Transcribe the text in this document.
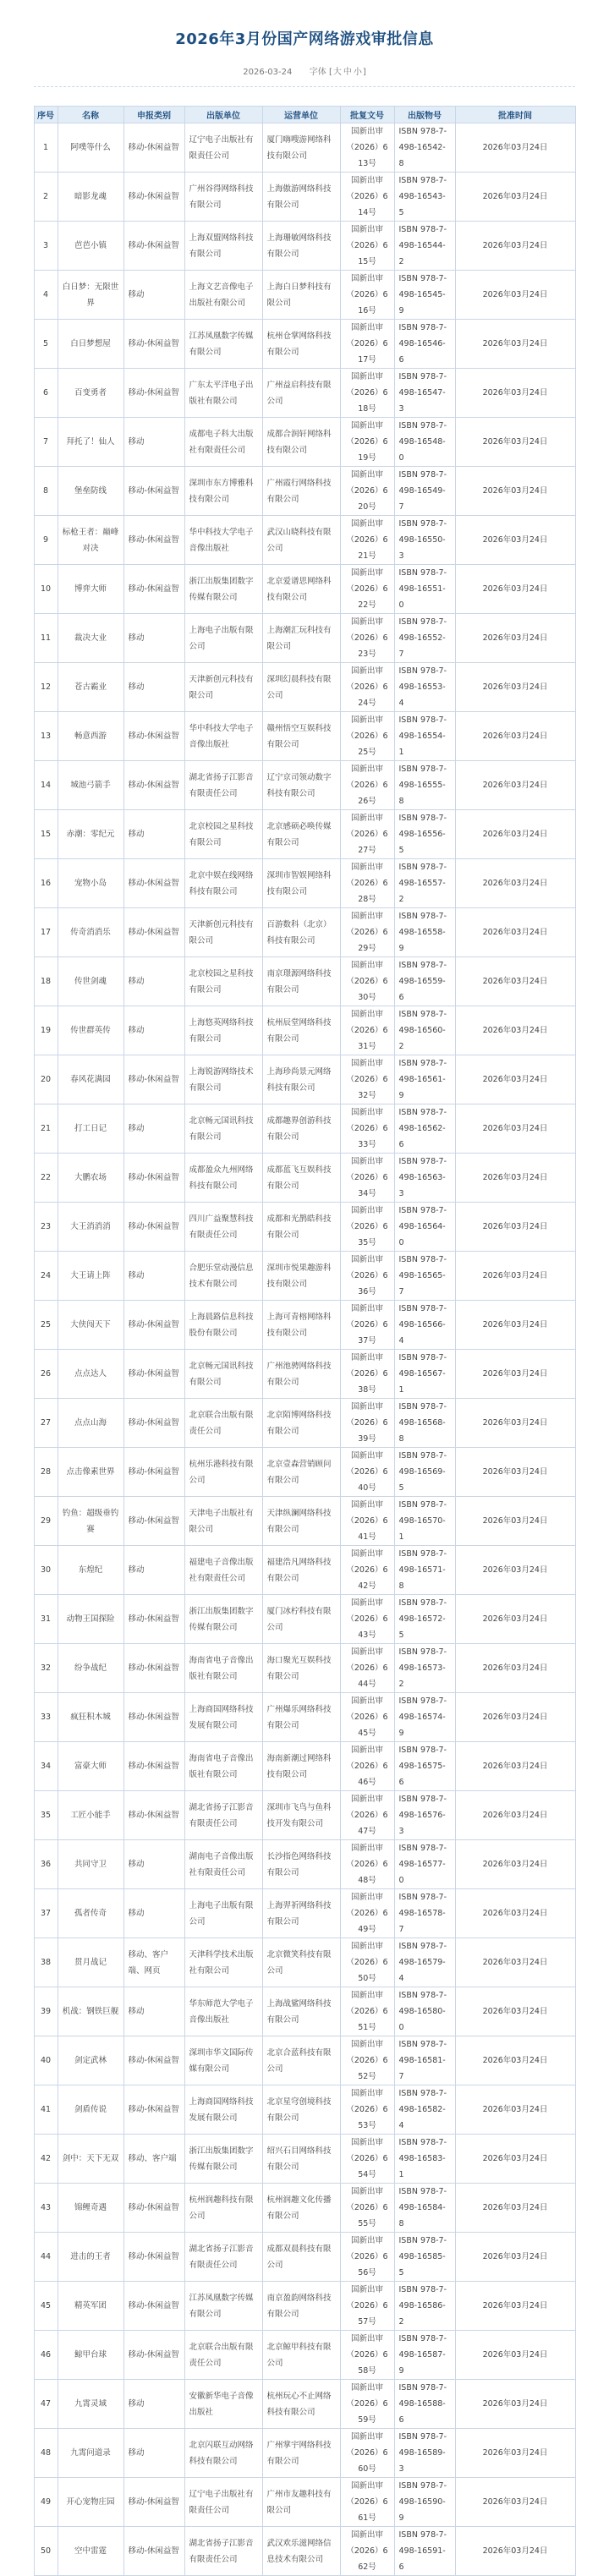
2026年3月份国产网络游戏审批信息
2026-03-24 字体 [大 中 小]
序号	名称	申报类别	出版单位	运营单位	批复文号	出版物号	批准时间
1	阿噗等什么	移动-休闲益智	辽宁电子出版社有限责任公司	厦门嗨嗖游网络科技有限公司	国新出审（2026）613号	ISBN 978-7-498-16542-8	2026年03月24日
2	暗影龙魂	移动-休闲益智	广州谷得网络科技有限公司	上海傲游网络科技有限公司	国新出审（2026）614号	ISBN 978-7-498-16543-5	2026年03月24日
3	芭芭小镇	移动-休闲益智	上海双盟网络科技有限公司	上海珊敏网络科技有限公司	国新出审（2026）615号	ISBN 978-7-498-16544-2	2026年03月24日
4	白日梦：无限世界	移动	上海文艺音像电子出版社有限公司	上海白日梦科技有限公司	国新出审（2026）616号	ISBN 978-7-498-16545-9	2026年03月24日
5	白日梦想屋	移动-休闲益智	江苏凤凰数字传媒有限公司	杭州仓掌网络科技有限公司	国新出审（2026）617号	ISBN 978-7-498-16546-6	2026年03月24日
6	百变勇者	移动-休闲益智	广东太平洋电子出版社有限公司	广州益启科技有限公司	国新出审（2026）618号	ISBN 978-7-498-16547-3	2026年03月24日
7	拜托了！仙人	移动	成都电子科大出版社有限责任公司	成都合润轩网络科技有限公司	国新出审（2026）619号	ISBN 978-7-498-16548-0	2026年03月24日
8	堡垒防线	移动-休闲益智	深圳市东方博雅科技有限公司	广州霞行网络科技有限公司	国新出审（2026）620号	ISBN 978-7-498-16549-7	2026年03月24日
9	标枪王者：巅峰对决	移动-休闲益智	华中科技大学电子音像出版社	武汉山晓科技有限公司	国新出审（2026）621号	ISBN 978-7-498-16550-3	2026年03月24日
10	博弈大师	移动-休闲益智	浙江出版集团数字传媒有限公司	北京爱谱思网络科技有限公司	国新出审（2026）622号	ISBN 978-7-498-16551-0	2026年03月24日
11	裁决大业	移动	上海电子出版有限公司	上海潮汇玩科技有限公司	国新出审（2026）623号	ISBN 978-7-498-16552-7	2026年03月24日
12	苍古霸业	移动	天津新创元科技有限公司	深圳幻晨科技有限公司	国新出审（2026）624号	ISBN 978-7-498-16553-4	2026年03月24日
13	畅意西游	移动-休闲益智	华中科技大学电子音像出版社	赣州悟空互娱科技有限公司	国新出审（2026）625号	ISBN 978-7-498-16554-1	2026年03月24日
14	城池弓箭手	移动-休闲益智	湖北省扬子江影音有限责任公司	辽宁京司领动数字科技有限公司	国新出审（2026）626号	ISBN 978-7-498-16555-8	2026年03月24日
15	赤潮：零纪元	移动	北京校园之星科技有限公司	北京感硕必唤传媒有限公司	国新出审（2026）627号	ISBN 978-7-498-16556-5	2026年03月24日
16	宠物小岛	移动-休闲益智	北京中娱在线网络科技有限公司	深圳市智娱网络科技有限公司	国新出审（2026）628号	ISBN 978-7-498-16557-2	2026年03月24日
17	传奇消消乐	移动-休闲益智	天津新创元科技有限公司	百游数科（北京）科技有限公司	国新出审（2026）629号	ISBN 978-7-498-16558-9	2026年03月24日
18	传世剑魂	移动	北京校园之星科技有限公司	南京璟源网络科技有限公司	国新出审（2026）630号	ISBN 978-7-498-16559-6	2026年03月24日
19	传世群英传	移动	上海悠英网络科技有限公司	杭州辰堂网络科技有限公司	国新出审（2026）631号	ISBN 978-7-498-16560-2	2026年03月24日
20	春风花满园	移动-休闲益智	上海锐游网络技术有限公司	上海珍尚景元网络科技有限公司	国新出审（2026）632号	ISBN 978-7-498-16561-9	2026年03月24日
21	打工日记	移动	北京畅元国讯科技有限公司	成都趣界创游科技有限公司	国新出审（2026）633号	ISBN 978-7-498-16562-6	2026年03月24日
22	大鹏农场	移动-休闲益智	成都盈众九州网络科技有限公司	成都蓝飞互娱科技有限公司	国新出审（2026）634号	ISBN 978-7-498-16563-3	2026年03月24日
23	大王消消消	移动-休闲益智	四川广益聚慧科技有限责任公司	成都和光鹊皓科技有限公司	国新出审（2026）635号	ISBN 978-7-498-16564-0	2026年03月24日
24	大王请上阵	移动	合肥乐堂动漫信息技术有限公司	深圳市悦果趣游科技有限公司	国新出审（2026）636号	ISBN 978-7-498-16565-7	2026年03月24日
25	大侠闯天下	移动-休闲益智	上海晨路信息科技股份有限公司	上海可青榕网络科技有限公司	国新出审（2026）637号	ISBN 978-7-498-16566-4	2026年03月24日
26	点点达人	移动-休闲益智	北京畅元国讯科技有限公司	广州池骋网络科技有限公司	国新出审（2026）638号	ISBN 978-7-498-16567-1	2026年03月24日
27	点点山海	移动-休闲益智	北京联合出版有限责任公司	北京陌博网络科技有限公司	国新出审（2026）639号	ISBN 978-7-498-16568-8	2026年03月24日
28	点击像素世界	移动-休闲益智	杭州乐港科技有限公司	北京壹森营销顾问有限公司	国新出审（2026）640号	ISBN 978-7-498-16569-5	2026年03月24日
29	钓鱼：超级垂钓赛	移动-休闲益智	天津电子出版社有限公司	天津纵澜网络科技有限公司	国新出审（2026）641号	ISBN 978-7-498-16570-1	2026年03月24日
30	东煌纪	移动	福建电子音像出版社有限责任公司	福建浩凡网络科技有限公司	国新出审（2026）642号	ISBN 978-7-498-16571-8	2026年03月24日
31	动物王国探险	移动-休闲益智	浙江出版集团数字传媒有限公司	厦门冰柠科技有限公司	国新出审（2026）643号	ISBN 978-7-498-16572-5	2026年03月24日
32	纷争战纪	移动-休闲益智	海南省电子音像出版社有限公司	海口聚光互娱科技有限公司	国新出审（2026）644号	ISBN 978-7-498-16573-2	2026年03月24日
33	疯狂积木城	移动-休闲益智	上海商国网络科技发展有限公司	广州爆乐网络科技有限公司	国新出审（2026）645号	ISBN 978-7-498-16574-9	2026年03月24日
34	富豪大师	移动-休闲益智	海南省电子音像出版社有限公司	海南新潮过网络科技有限公司	国新出审（2026）646号	ISBN 978-7-498-16575-6	2026年03月24日
35	工匠小能手	移动-休闲益智	湖北省扬子江影音有限责任公司	深圳市飞鸟与鱼科技开发有限公司	国新出审（2026）647号	ISBN 978-7-498-16576-3	2026年03月24日
36	共同守卫	移动	湖南电子音像出版社有限责任公司	长沙指色网络科技有限公司	国新出审（2026）648号	ISBN 978-7-498-16577-0	2026年03月24日
37	孤者传奇	移动	上海电子出版有限公司	上海羿祈网络科技有限公司	国新出审（2026）649号	ISBN 978-7-498-16578-7	2026年03月24日
38	贯月战记	移动、客户端、网页	天津科学技术出版社有限公司	北京微笑科技有限公司	国新出审（2026）650号	ISBN 978-7-498-16579-4	2026年03月24日
39	机战：钢铁巨舰	移动	华东师范大学电子音像出版社	上海战鲨网络科技有限公司	国新出审（2026）651号	ISBN 978-7-498-16580-0	2026年03月24日
40	剑定武林	移动-休闲益智	深圳市华文国际传媒有限公司	北京合蓝科技有限公司	国新出审（2026）652号	ISBN 978-7-498-16581-7	2026年03月24日
41	剑盾传说	移动-休闲益智	上海商国网络科技发展有限公司	北京星穹创境科技有限公司	国新出审（2026）653号	ISBN 978-7-498-16582-4	2026年03月24日
42	剑中：天下无双	移动、客户端	浙江出版集团数字传媒有限公司	绍兴石目网络科技有限公司	国新出审（2026）654号	ISBN 978-7-498-16583-1	2026年03月24日
43	锦鲤奇遇	移动-休闲益智	杭州润趣科技有限公司	杭州润趣文化传播有限公司	国新出审（2026）655号	ISBN 978-7-498-16584-8	2026年03月24日
44	进击的王者	移动-休闲益智	湖北省扬子江影音有限责任公司	成都双晨科技有限公司	国新出审（2026）656号	ISBN 978-7-498-16585-5	2026年03月24日
45	精英军团	移动-休闲益智	江苏凤凰数字传媒有限公司	南京盈韵网络科技有限公司	国新出审（2026）657号	ISBN 978-7-498-16586-2	2026年03月24日
46	鲸甲台球	移动-休闲益智	北京联合出版有限责任公司	北京鲸甲科技有限公司	国新出审（2026）658号	ISBN 978-7-498-16587-9	2026年03月24日
47	九霄灵域	移动	安徽新华电子音像出版社	杭州玩心不止网络科技有限公司	国新出审（2026）659号	ISBN 978-7-498-16588-6	2026年03月24日
48	九霄问道录	移动	北京闪联互动网络科技有限公司	广州掌宇网络科技有限公司	国新出审（2026）660号	ISBN 978-7-498-16589-3	2026年03月24日
49	开心宠物庄园	移动-休闲益智	辽宁电子出版社有限责任公司	广州市友趣科技有限公司	国新出审（2026）661号	ISBN 978-7-498-16590-9	2026年03月24日
50	空中雷霆	移动-休闲益智	湖北省扬子江影音有限责任公司	武汉欢乐滋网络信息技术有限公司	国新出审（2026）662号	ISBN 978-7-498-16591-6	2026年03月24日
